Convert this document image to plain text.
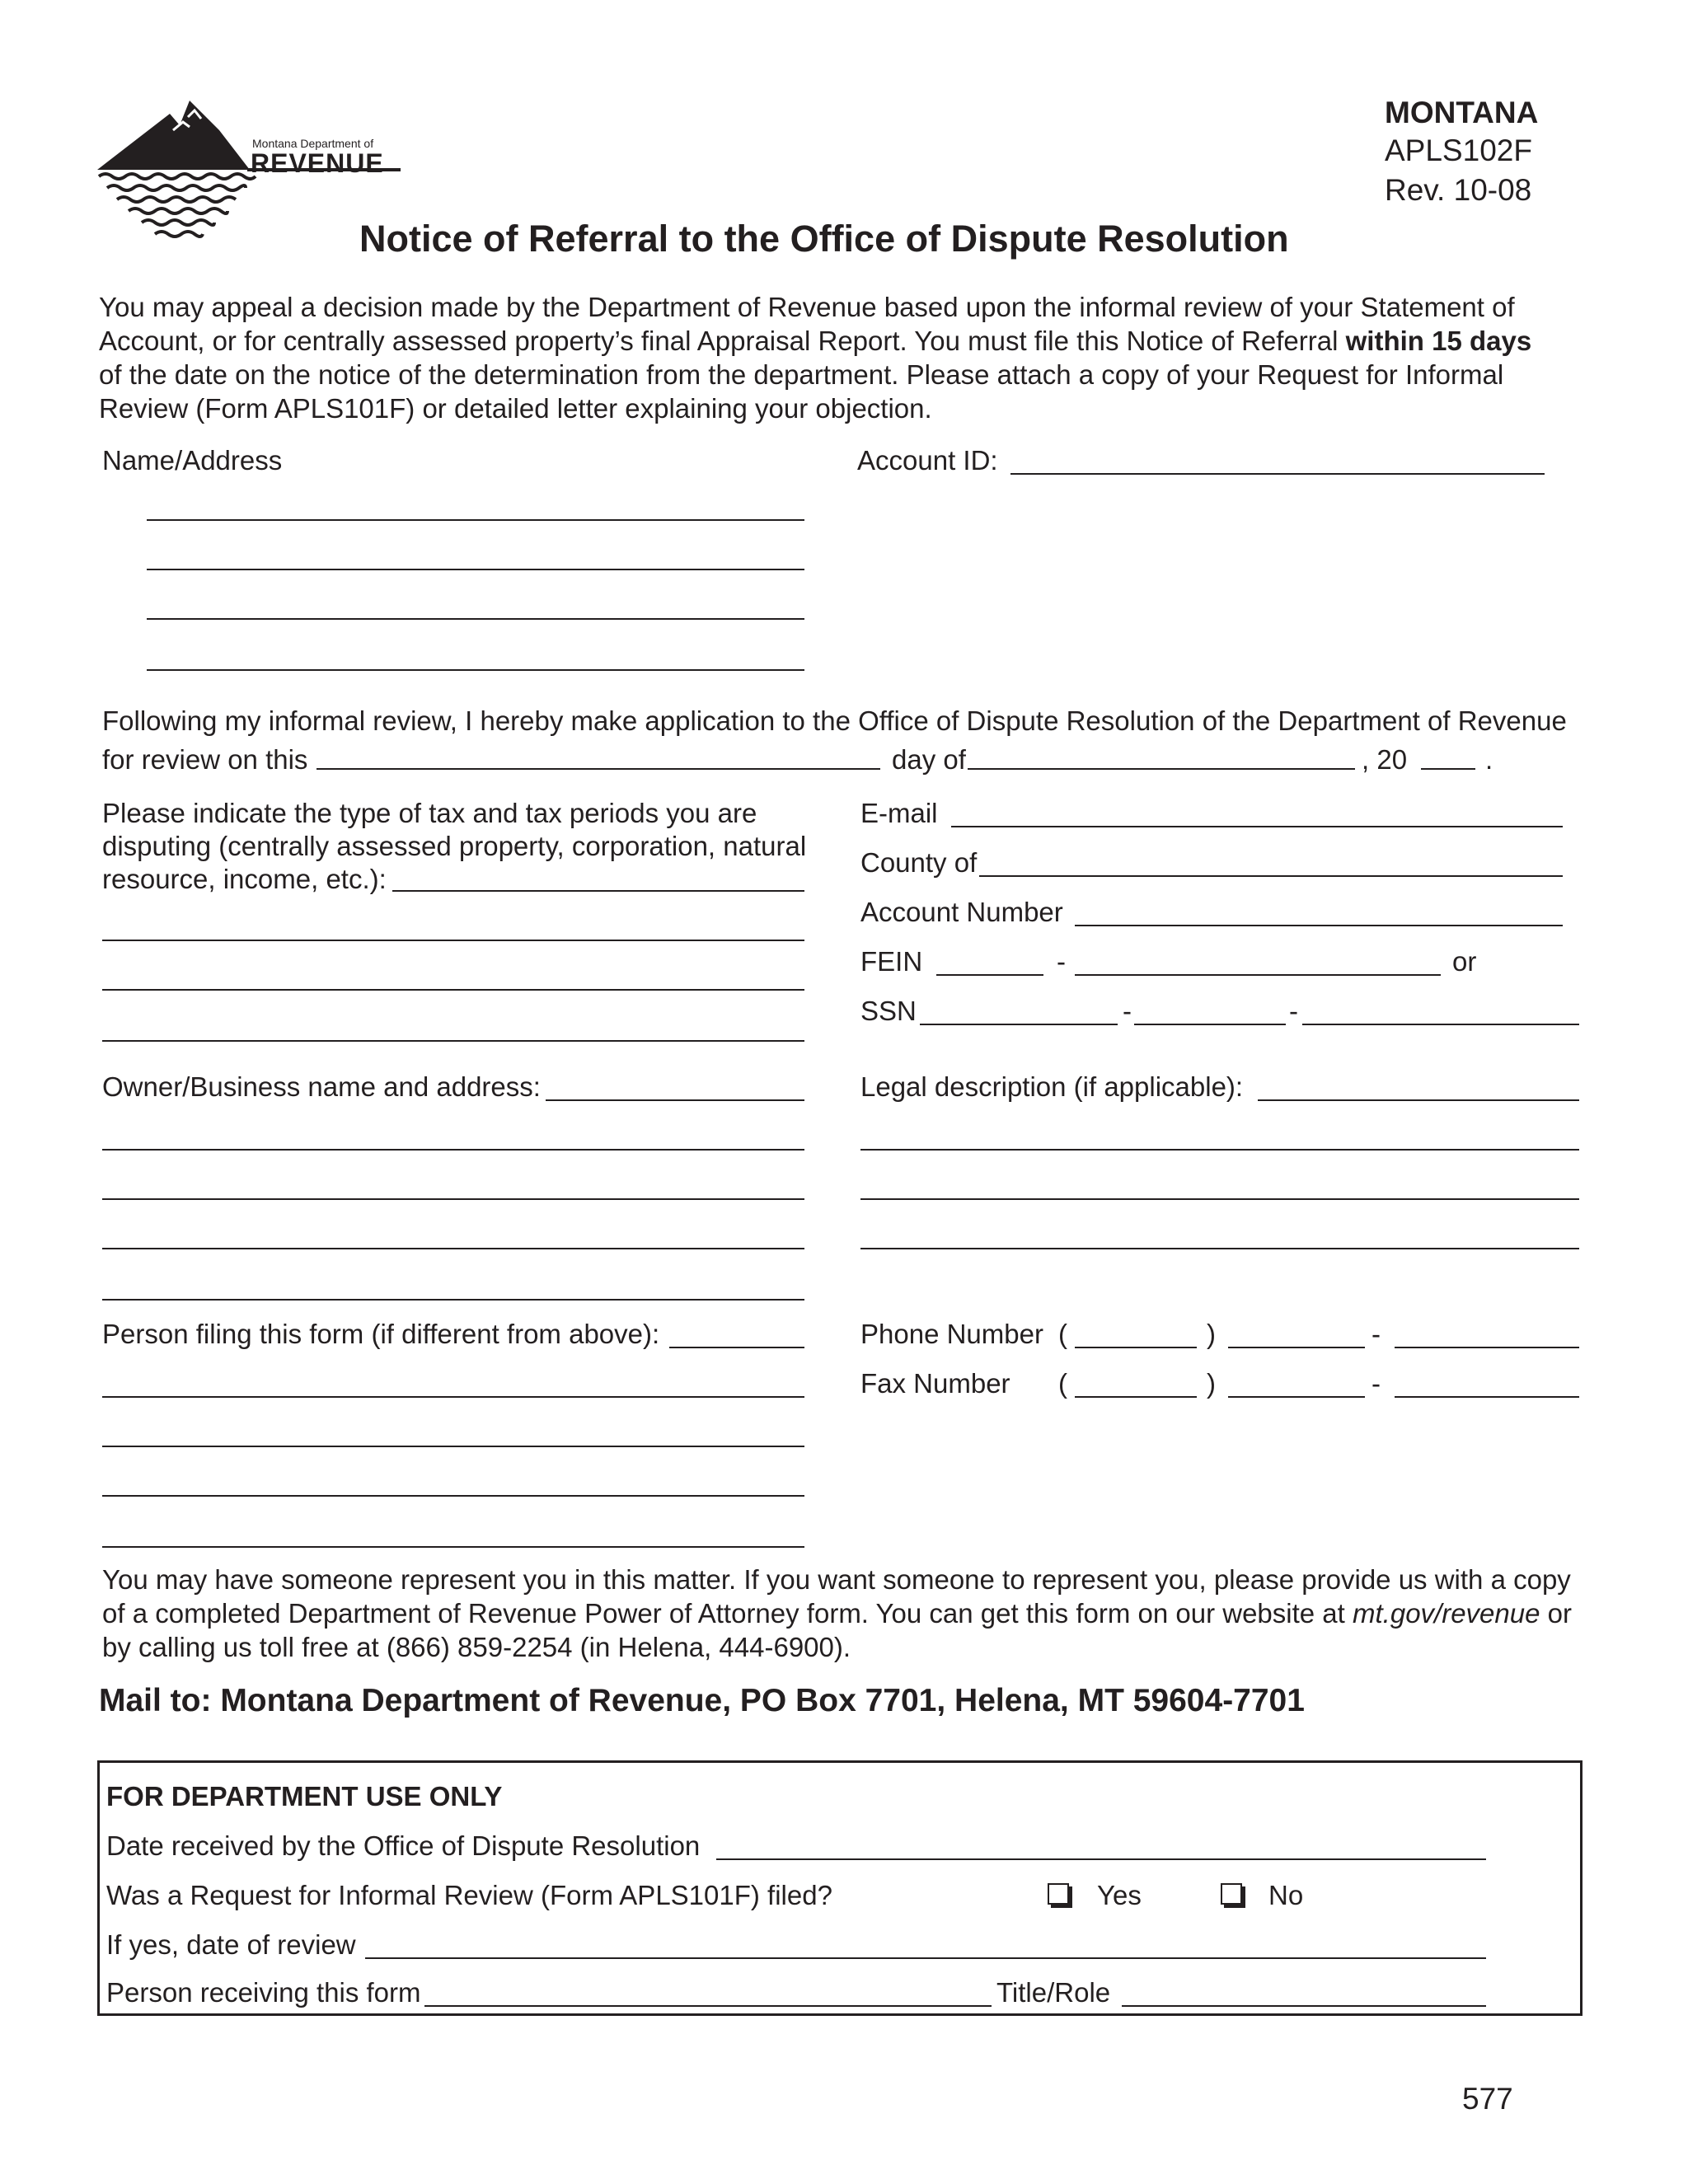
Montana Department of
REVENUE
MONTANA
APLS102F
Rev. 10-08
Notice of Referral to the Office of Dispute Resolution
You may appeal a decision made by the Department of Revenue based upon the informal review of your Statement of Account, or for centrally assessed property’s final Appraisal Report. You must file this Notice of Referral within 15 days of the date on the notice of the determination from the department. Please attach a copy of your Request for Informal Review (Form APLS101F) or detailed letter explaining your objection.
Name/Address	Account ID:
Following my informal review, I hereby make application to the Office of Dispute Resolution of the Department of Revenue
for review on this	day of	, 20	.
Please indicate the type of tax and tax periods you are
disputing (centrally assessed property, corporation, natural
resource, income, etc.):
E-mail
County of
Account Number
FEIN	-	or
SSN	-	-
Owner/Business name and address:	Legal description (if applicable):
Person filing this form (if different from above):	Phone Number (	)	-
Fax Number (	)	-
You may have someone represent you in this matter. If you want someone to represent you, please provide us with a copy of a completed Department of Revenue Power of Attorney form. You can get this form on our website at mt.gov/revenue or by calling us toll free at (866) 859-2254 (in Helena, 444-6900).
Mail to: Montana Department of Revenue, PO Box 7701, Helena, MT 59604-7701
FOR DEPARTMENT USE ONLY
Date received by the Office of Dispute Resolution
Was a Request for Informal Review (Form APLS101F) filed?	Yes	No
If yes, date of review
Person receiving this form	Title/Role
577
